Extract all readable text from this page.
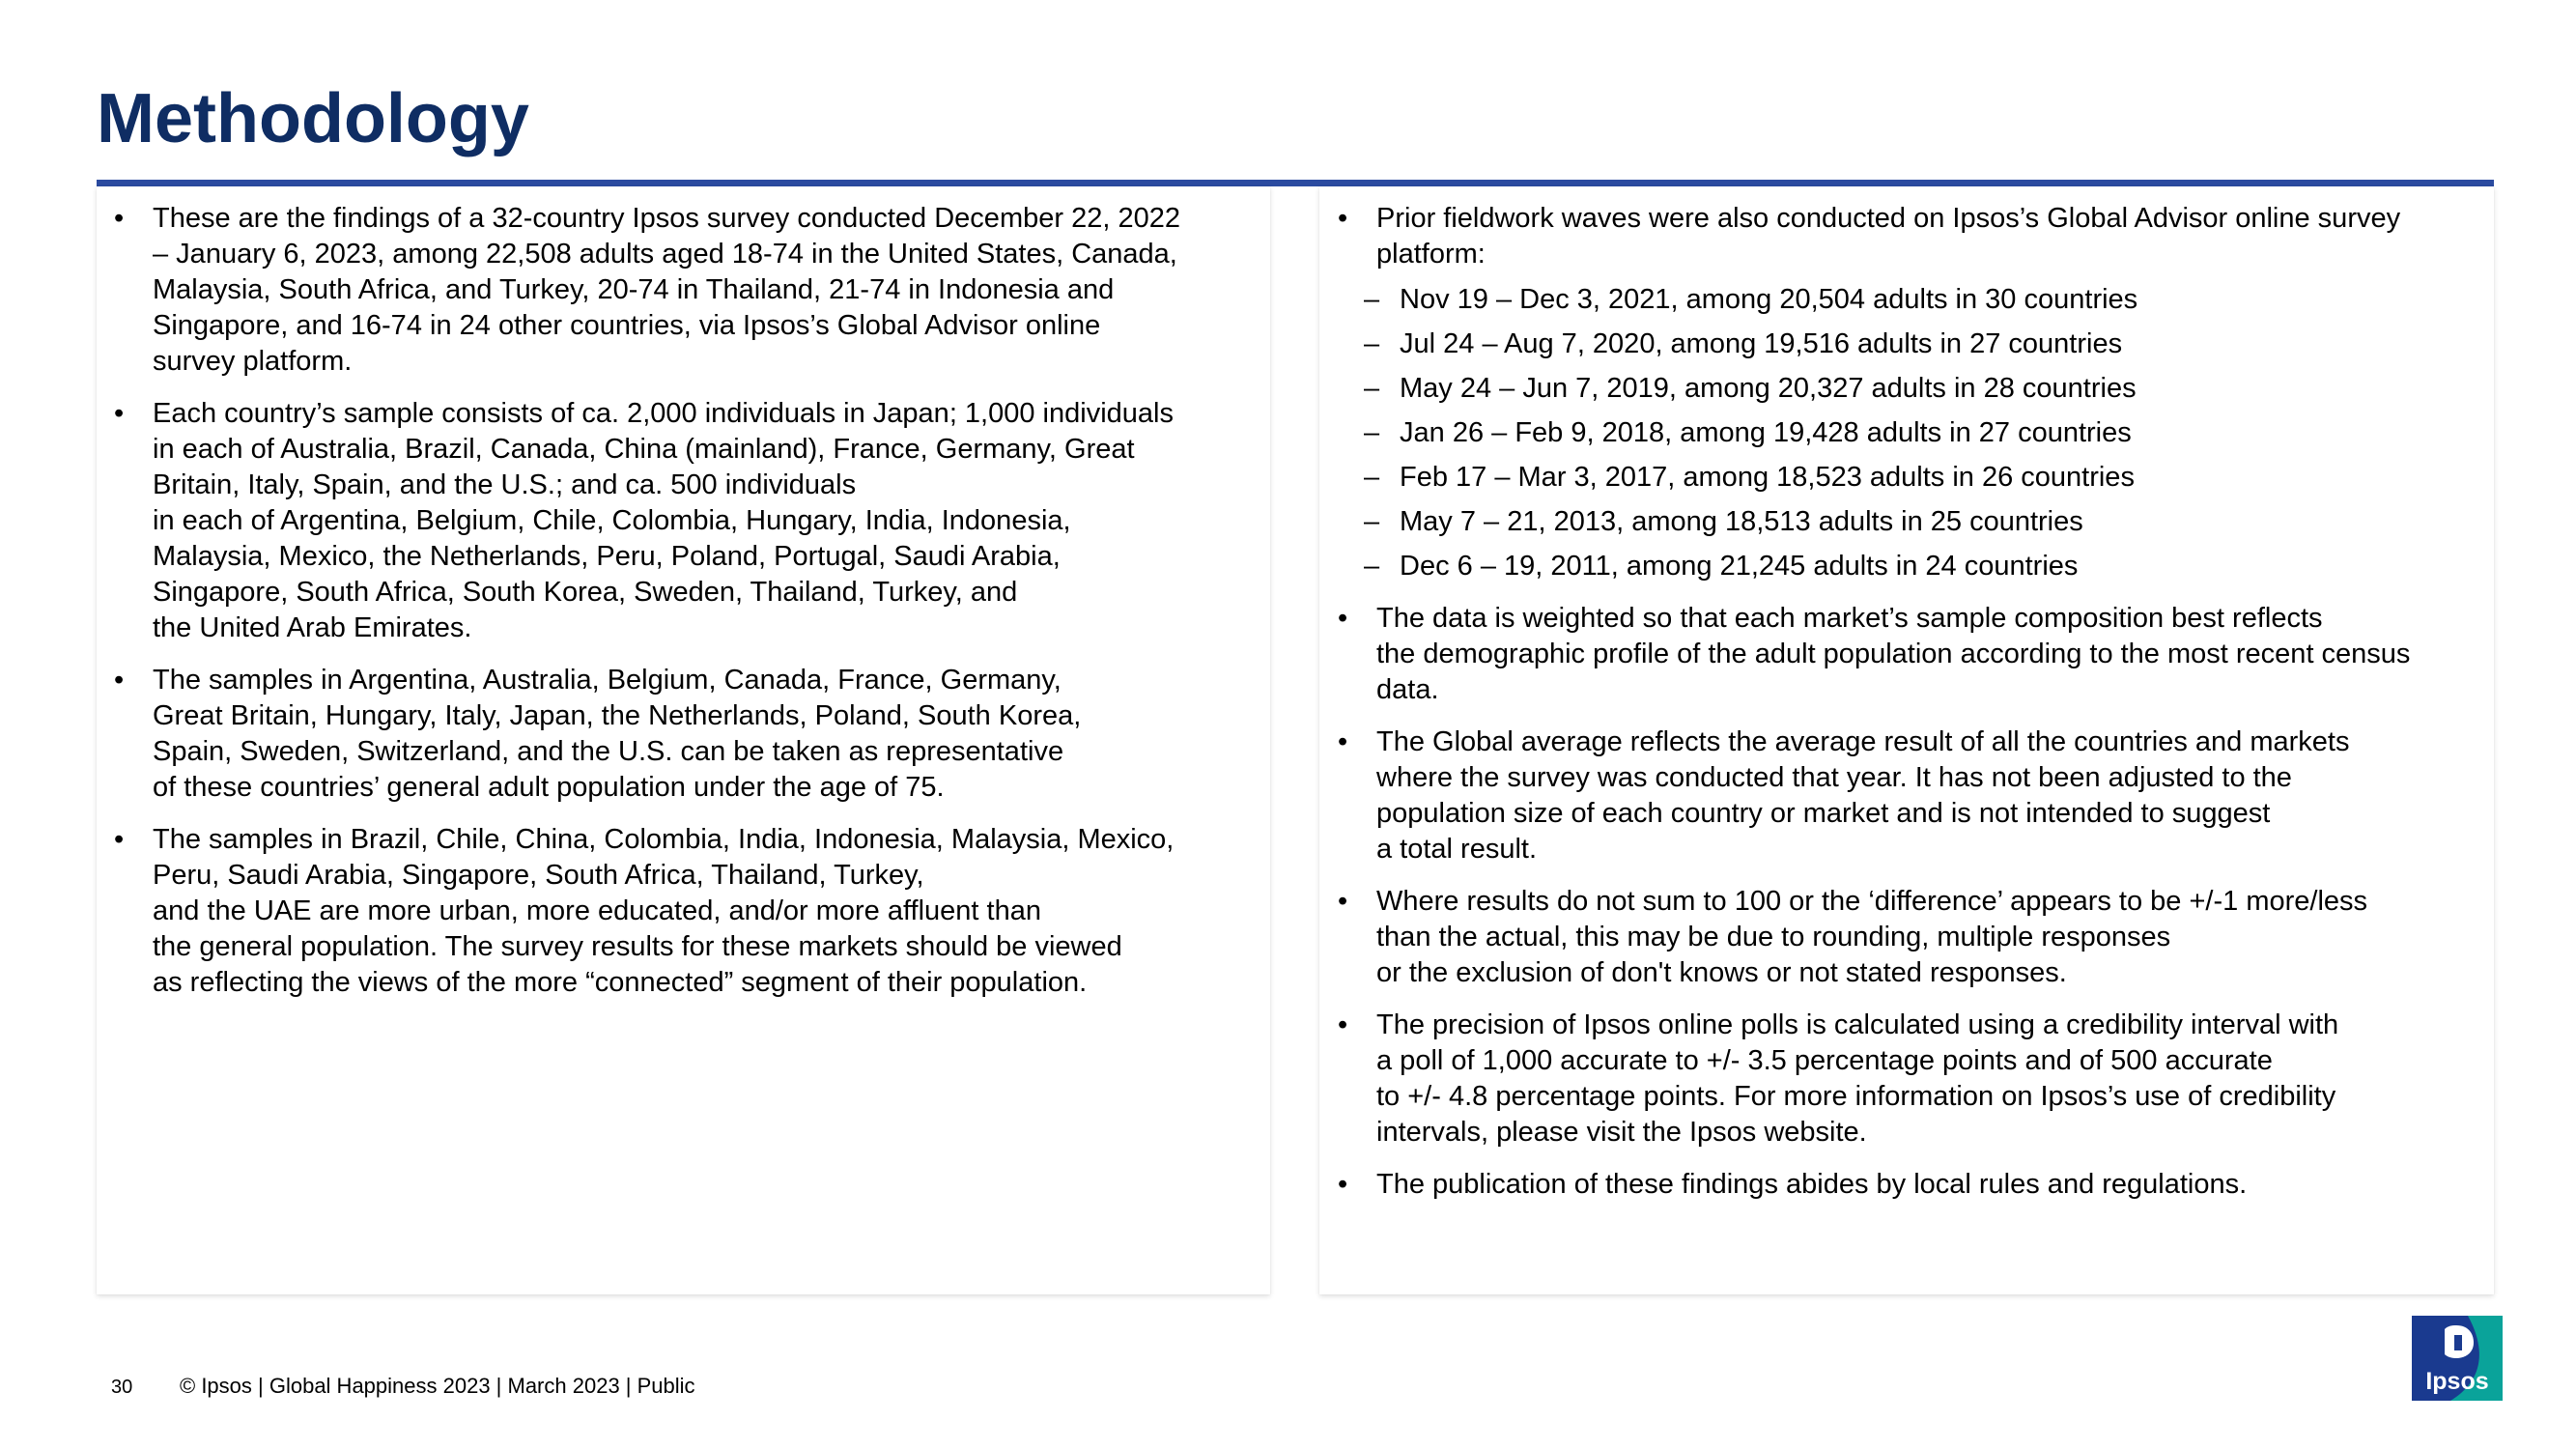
Methodology
•	These are the findings of a 32-country Ipsos survey conducted December 22, 2022
– January 6, 2023, among 22,508 adults aged 18-74 in the United States, Canada,
Malaysia, South Africa, and Turkey, 20-74 in Thailand, 21-74 in Indonesia and
Singapore, and 16-74 in 24 other countries, via Ipsos’s Global Advisor online
survey platform.
•	Each country’s sample consists of ca. 2,000 individuals in Japan; 1,000 individuals
in each of Australia, Brazil, Canada, China (mainland), France, Germany, Great
Britain, Italy, Spain, and the U.S.; and ca. 500 individuals
in each of Argentina, Belgium, Chile, Colombia, Hungary, India, Indonesia,
Malaysia, Mexico, the Netherlands, Peru, Poland, Portugal, Saudi Arabia,
Singapore, South Africa, South Korea, Sweden, Thailand, Turkey, and
the United Arab Emirates.
•	The samples in Argentina, Australia, Belgium, Canada, France, Germany,
Great Britain, Hungary, Italy, Japan, the Netherlands, Poland, South Korea,
Spain, Sweden, Switzerland, and the U.S. can be taken as representative
of these countries’ general adult population under the age of 75.
•	The samples in Brazil, Chile, China, Colombia, India, Indonesia, Malaysia, Mexico,
Peru, Saudi Arabia, Singapore, South Africa, Thailand, Turkey,
and the UAE are more urban, more educated, and/or more affluent than
the general population. The survey results for these markets should be viewed
as reflecting the views of the more “connected” segment of their population.
•	Prior fieldwork waves were also conducted on Ipsos’s Global Advisor online survey
platform:
– Nov 19 – Dec 3, 2021, among 20,504 adults in 30 countries
– Jul 24 – Aug 7, 2020, among 19,516 adults in 27 countries
– May 24 – Jun 7, 2019, among 20,327 adults in 28 countries
– Jan 26 – Feb 9, 2018, among 19,428 adults in 27 countries
– Feb 17 – Mar 3, 2017, among 18,523 adults in 26 countries
– May 7 – 21, 2013, among 18,513 adults in 25 countries
– Dec 6 – 19, 2011, among 21,245 adults in 24 countries
•	The data is weighted so that each market’s sample composition best reflects
the demographic profile of the adult population according to the most recent census
data.
•	The Global average reflects the average result of all the countries and markets
where the survey was conducted that year. It has not been adjusted to the
population size of each country or market and is not intended to suggest
a total result.
•	Where results do not sum to 100 or the ‘difference’ appears to be +/-1 more/less
than the actual, this may be due to rounding, multiple responses
or the exclusion of don't knows or not stated responses.
•	The precision of Ipsos online polls is calculated using a credibility interval with
a poll of 1,000 accurate to +/- 3.5 percentage points and of 500 accurate
to +/- 4.8 percentage points. For more information on Ipsos’s use of credibility
intervals, please visit the Ipsos website.
•	The publication of these findings abides by local rules and regulations.
30 © Ipsos | Global Happiness 2023 | March 2023 | Public	Ipsos
